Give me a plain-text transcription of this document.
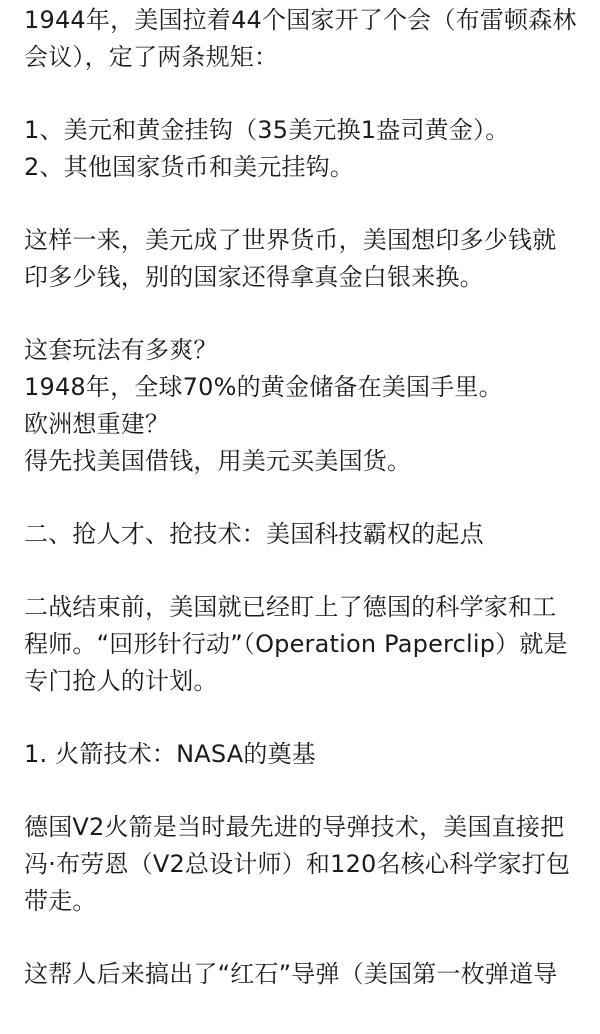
1944年，美国拉着44个国家开了个会（布雷顿森林
会议），定了两条规矩：

1、美元和黄金挂钩（35美元换1盎司黄金）。
2、其他国家货币和美元挂钩。

这样一来，美元成了世界货币，美国想印多少钱就
印多少钱，别的国家还得拿真金白银来换。

这套玩法有多爽？
1948年，全球70%的黄金储备在美国手里。
欧洲想重建？
得先找美国借钱，用美元买美国货。

二、抢人才、抢技术：美国科技霸权的起点

二战结束前，美国就已经盯上了德国的科学家和工
程师。“回形针行动”（Operation Paperclip）就是
专门抢人的计划。

1. 火箭技术：NASA的奠基

德国V2火箭是当时最先进的导弹技术，美国直接把
冯·布劳恩（V2总设计师）和120名核心科学家打包
带走。

这帮人后来搞出了“红石”导弹（美国第一枚弹道导
